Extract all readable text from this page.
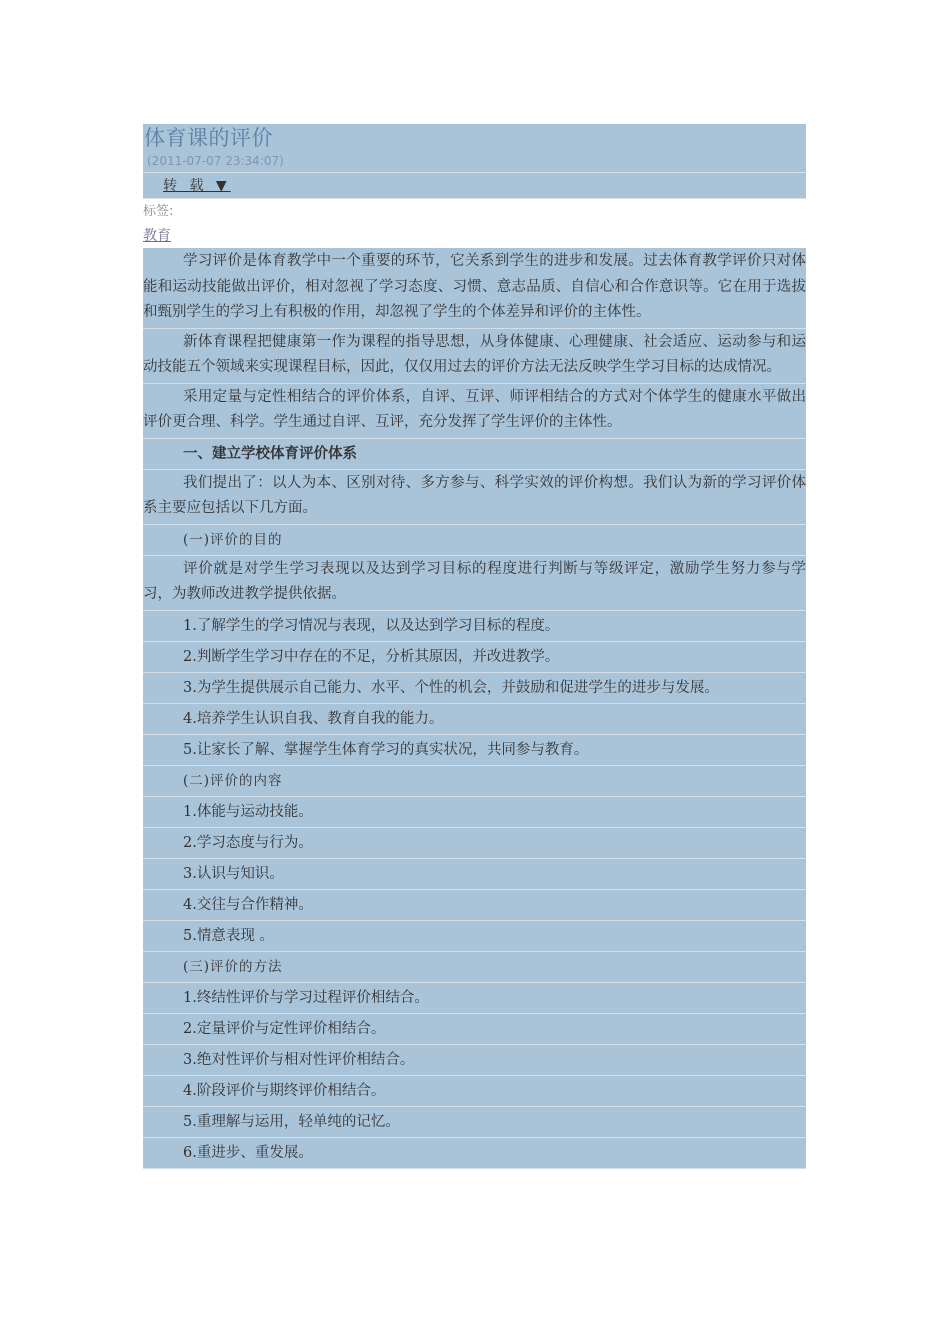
体育课的评价
(2011-07-07 23:34:07)
转 载 ▼
标签:
教育
学习评价是体育教学中一个重要的环节，它关系到学生的进步和发展。过去体育教学评价只对体能和运动技能做出评价，相对忽视了学习态度、习惯、意志品质、自信心和合作意识等。它在用于选拔和甄别学生的学习上有积极的作用，却忽视了学生的个体差异和评价的主体性。
新体育课程把健康第一作为课程的指导思想，从身体健康、心理健康、社会适应、运动参与和运动技能五个领域来实现课程目标，因此，仅仅用过去的评价方法无法反映学生学习目标的达成情况。
采用定量与定性相结合的评价体系，自评、互评、师评相结合的方式对个体学生的健康水平做出评价更合理、科学。学生通过自评、互评，充分发挥了学生评价的主体性。
一、建立学校体育评价体系
我们提出了：以人为本、区别对待、多方参与、科学实效的评价构想。我们认为新的学习评价体系主要应包括以下几方面。
(一)评价的目的
评价就是对学生学习表现以及达到学习目标的程度进行判断与等级评定，激励学生努力参与学习，为教师改进教学提供依据。
1.了解学生的学习情况与表现，以及达到学习目标的程度。
2.判断学生学习中存在的不足，分析其原因，并改进教学。
3.为学生提供展示自己能力、水平、个性的机会，并鼓励和促进学生的进步与发展。
4.培养学生认识自我、教育自我的能力。
5.让家长了解、掌握学生体育学习的真实状况，共同参与教育。
(二)评价的内容
1.体能与运动技能。
2.学习态度与行为。
3.认识与知识。
4.交往与合作精神。
5.情意表现 。
(三)评价的方法
1.终结性评价与学习过程评价相结合。
2.定量评价与定性评价相结合。
3.绝对性评价与相对性评价相结合。
4.阶段评价与期终评价相结合。
5.重理解与运用，轻单纯的记忆。
6.重进步、重发展。
